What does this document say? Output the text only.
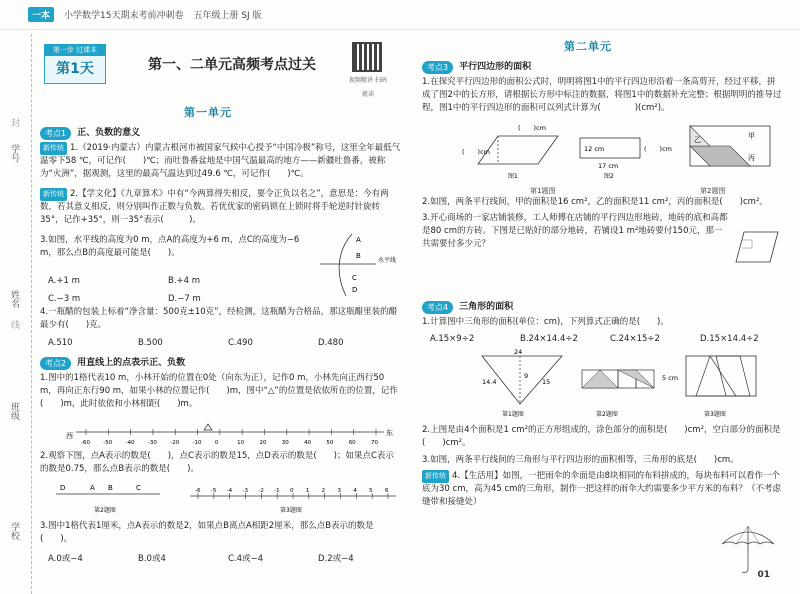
一本	小学数学15天期末考前冲刺卷 五年级上册 SJ 版
学号
姓名
班级
学校
封
线
第一步 过课本
第1天	第一、二单元高频考点过关
视频精讲 扫码就读
第一单元
考点1	正、负数的意义
新传统 1.（2019·内蒙古）内蒙古根河市被国家气候中心授予“中国冷极”称号，这里全年最低气温零下58 ℃，可记作(　　)℃；而吐鲁番盆地是中国气温最高的地方——新疆吐鲁番，被称为“火洲”，据观测，这里的最高气温达到过49.6 ℃，可记作(　　)℃。
新传统 2.【学文化】《九章算术》中有“今两算得失相反，要令正负以名之”，意思是：今有两数，若其意义相反，则分别叫作正数与负数。若优优家的密码锁在上锁时将手轮逆时针旋转35°，记作+35°，则一35°表示(　　　)。
3.如图，水平线的高度为0 m，点A的高度为+6 m，点C的高度为−6 m，那么点B的高度最可能是(　　)。
A
B
C
D
水平线
A.+1 m	B.+4 m
C.−3 m	D.−7 m
4.一瓶醋的包装上标着“净含量：500克±10克”，经检测，这瓶醋为合格品，那这瓶醋里装的醋最少有(　　)克。
A.510	B.500	C.490	D.480
考点2	用直线上的点表示正、负数
1.图中的1格代表10 m，小林开始的位置在0处（向东为正），记作0 m，小林先向正西行50 m，再向正东行90 m，如果小林的位置记作(　　)m，图中“△”的位置是依依所在的位置，记作(　　)m，此时依依和小林相距(　　)m。
西	东
-60 -50 -40 -30 -20 -10 0	10	20	30	40	50	60	70
2.观察下图，点A表示的数是(　　)，点C表示的数是15，点D表示的数是(　　)；如果点C表示的数是0.75，那么点B表示的数是(　　)。
D	A B	C
第2题图
-6 -5 -4 -3 -2 -1 0 1 2 3 4 5 6
第3题图
3.图中1格代表1厘米，点A表示的数是2，如果点B离点A相距2厘米，那么点B表示的数是(　　)。
A.0或−4	B.0或4	C.4或−4	D.2或−4
第二单元
考点3	平行四边形的面积
1.在探究平行四边形的面积公式时，明明将图1中的平行四边形沿着一条高剪开，经过平移，拼成了图2中的长方形，请根据长方形中标注的数据，将图1中的数据补充完整；根据明明的推导过程，图1中的平行四边形的面积可以列式计算为(　　　　)(cm²)。
(　　)cm
(　　)cm	12 cm	(　　)cm
17 cm
图1	图2
乙	甲
丙
第1题图	第2题图
2.如图，两条平行线间，甲的面积是16 cm²，乙的面积是11 cm²，丙的面积是(　　)cm²。
3.开心商场的一家店铺装修，工人师傅在店铺的平行四边形地砖，地砖的底和高都是80 cm的方砖。下图是已贴好的部分地砖，若铺设1 m²地砖要付150元，那一共需要付多少元？
考点4	三角形的面积
1.计算图中三角形的面积(单位：cm)，下列算式正确的是(　　)。
A.15×9÷2	B.24×14.4÷2	C.24×15÷2	D.15×14.4÷2
24
14.4	15
9
第1题图	第2题图
5 cm
第3题图
2.上图是由4个面积是1 cm²的正方形组成的，涂色部分的面积是(　　)cm²，空白部分的面积是(　　)cm²。
3.如图，两条平行线间的三角形与平行四边形的面积相等，三角形的底是(　　)cm。
新传统 4.【生活用】如图，一把雨伞的伞面是由8块相同的布料拼成的，每块布料可以看作一个底为30 cm，高为45 cm的三角形，制作一把这样的雨伞大约需要多少平方米的布料？（不考虑缝带和接缝处）
01
